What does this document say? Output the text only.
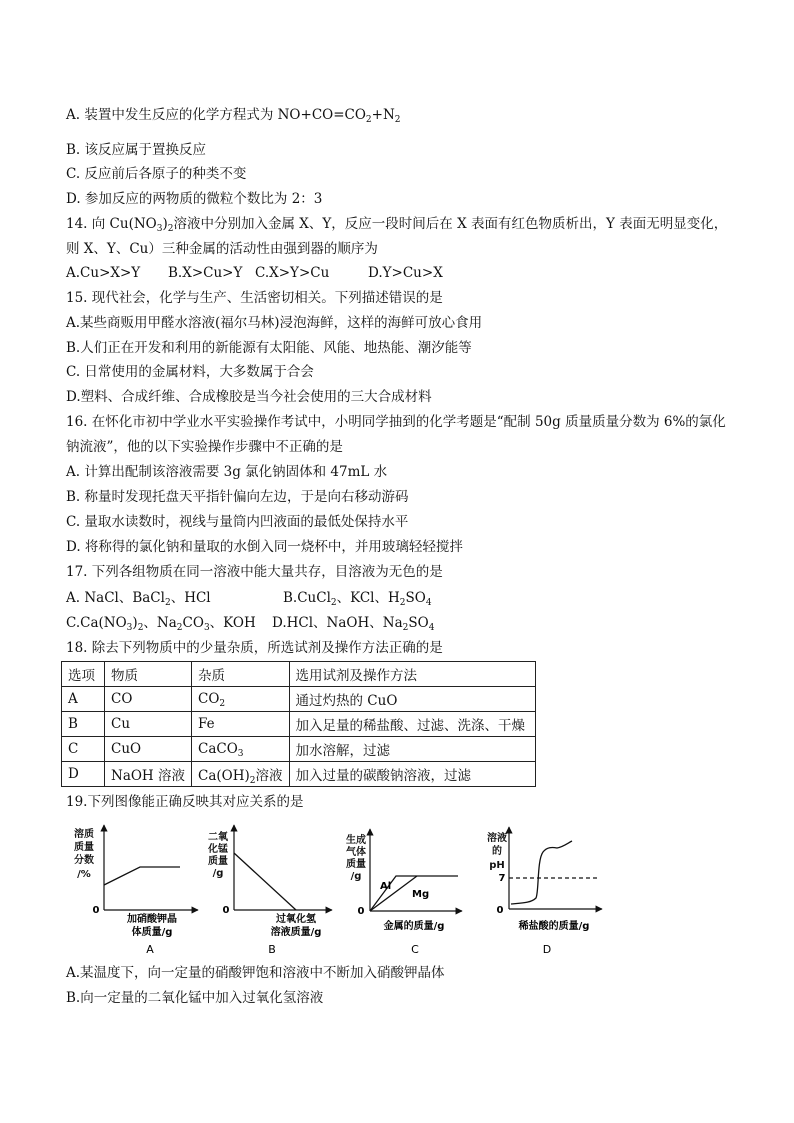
A. 装置中发生反应的化学方程式为 $NO+CO=CO_2+N_2$
B. 该反应属于置换反应
C. 反应前后各原子的种类不变
D. 参加反应的两物质的微粒个数比为 2：3
14. 向 $Cu(NO_3)_2$溶液中分别加入金属 X、Y，反应一段时间后在 X 表面有红色物质析出，Y 表面无明显变化，
则 X、Y、Cu）三种金属的活动性由强到器的顺序为
A.Cu>X>Y B.X>Cu>Y C.X>Y>Cu	D.Y>Cu>X
15. 现代社会，化学与生产、生活密切相关。下列描述错误的是
A.某些商贩用甲醛水溶液(福尔马林)浸泡海鲜，这样的海鲜可放心食用
B.人们正在开发和利用的新能源有太阳能、风能、地热能、潮汐能等
C. 日常使用的金属材料，大多数属于合会
D.塑料、合成纤维、合成橡胶是当今社会使用的三大合成材料
16. 在怀化市初中学业水平实验操作考试中，小明同学抽到的化学考题是“配制 50g 质量质量分数为 6%的氯化
钠流液”，他的以下实验操作步骤中不正确的是
A. 计算出配制该溶液需要 3g 氯化钠固体和 47mL 水
B. 称量时发现托盘天平指针偏向左边，于是向右移动游码
C. 量取水读数时，视线与量筒内凹液面的最低处保持水平
D. 将称得的氯化钠和量取的水倒入同一烧杯中，并用玻璃轻轻搅拌
17. 下列各组物质在同一溶液中能大量共存，目溶液为无色的是
A. NaCl、BaCl$_2$、HCl	B.CuCl$_2$、KCl、$H_2SO_4$
$C.Ca(NO_3)_2$、$Na_2CO_3$、KOH D.HCl、NaOH、$Na_2SO_4$
18. 除去下列物质中的少量杂质，所选试剂及操作方法正确的是
选项	物质	杂质	选用试剂及操作方法
A	CO	$CO_2$	通过灼热的 CuO
B	Cu	Fe	加入足量的稀盐酸、过滤、洗涤、干燥
C	CuO	CaCO$_3$	加水溶解，过滤
D	NaOH 溶液	$Ca(OH)_2$溶液	加入过量的碳酸钠溶液，过滤
19.下列图像能正确反映其对应关系的是
溶质
质量
分数
/%
0
加硝酸钾晶
体质量/g
A
二氧
化锰
质量
/g
0
过氧化氢
溶液质量/g
B
生成
气体
质量
/g
0
Al
Mg
金属的质量/g
C
溶液
的
pH
0
7
稀盐酸的质量/g
D
A.某温度下，向一定量的硝酸钾饱和溶液中不断加入硝酸钾晶体
B.向一定量的二氧化锰中加入过氧化氢溶液
